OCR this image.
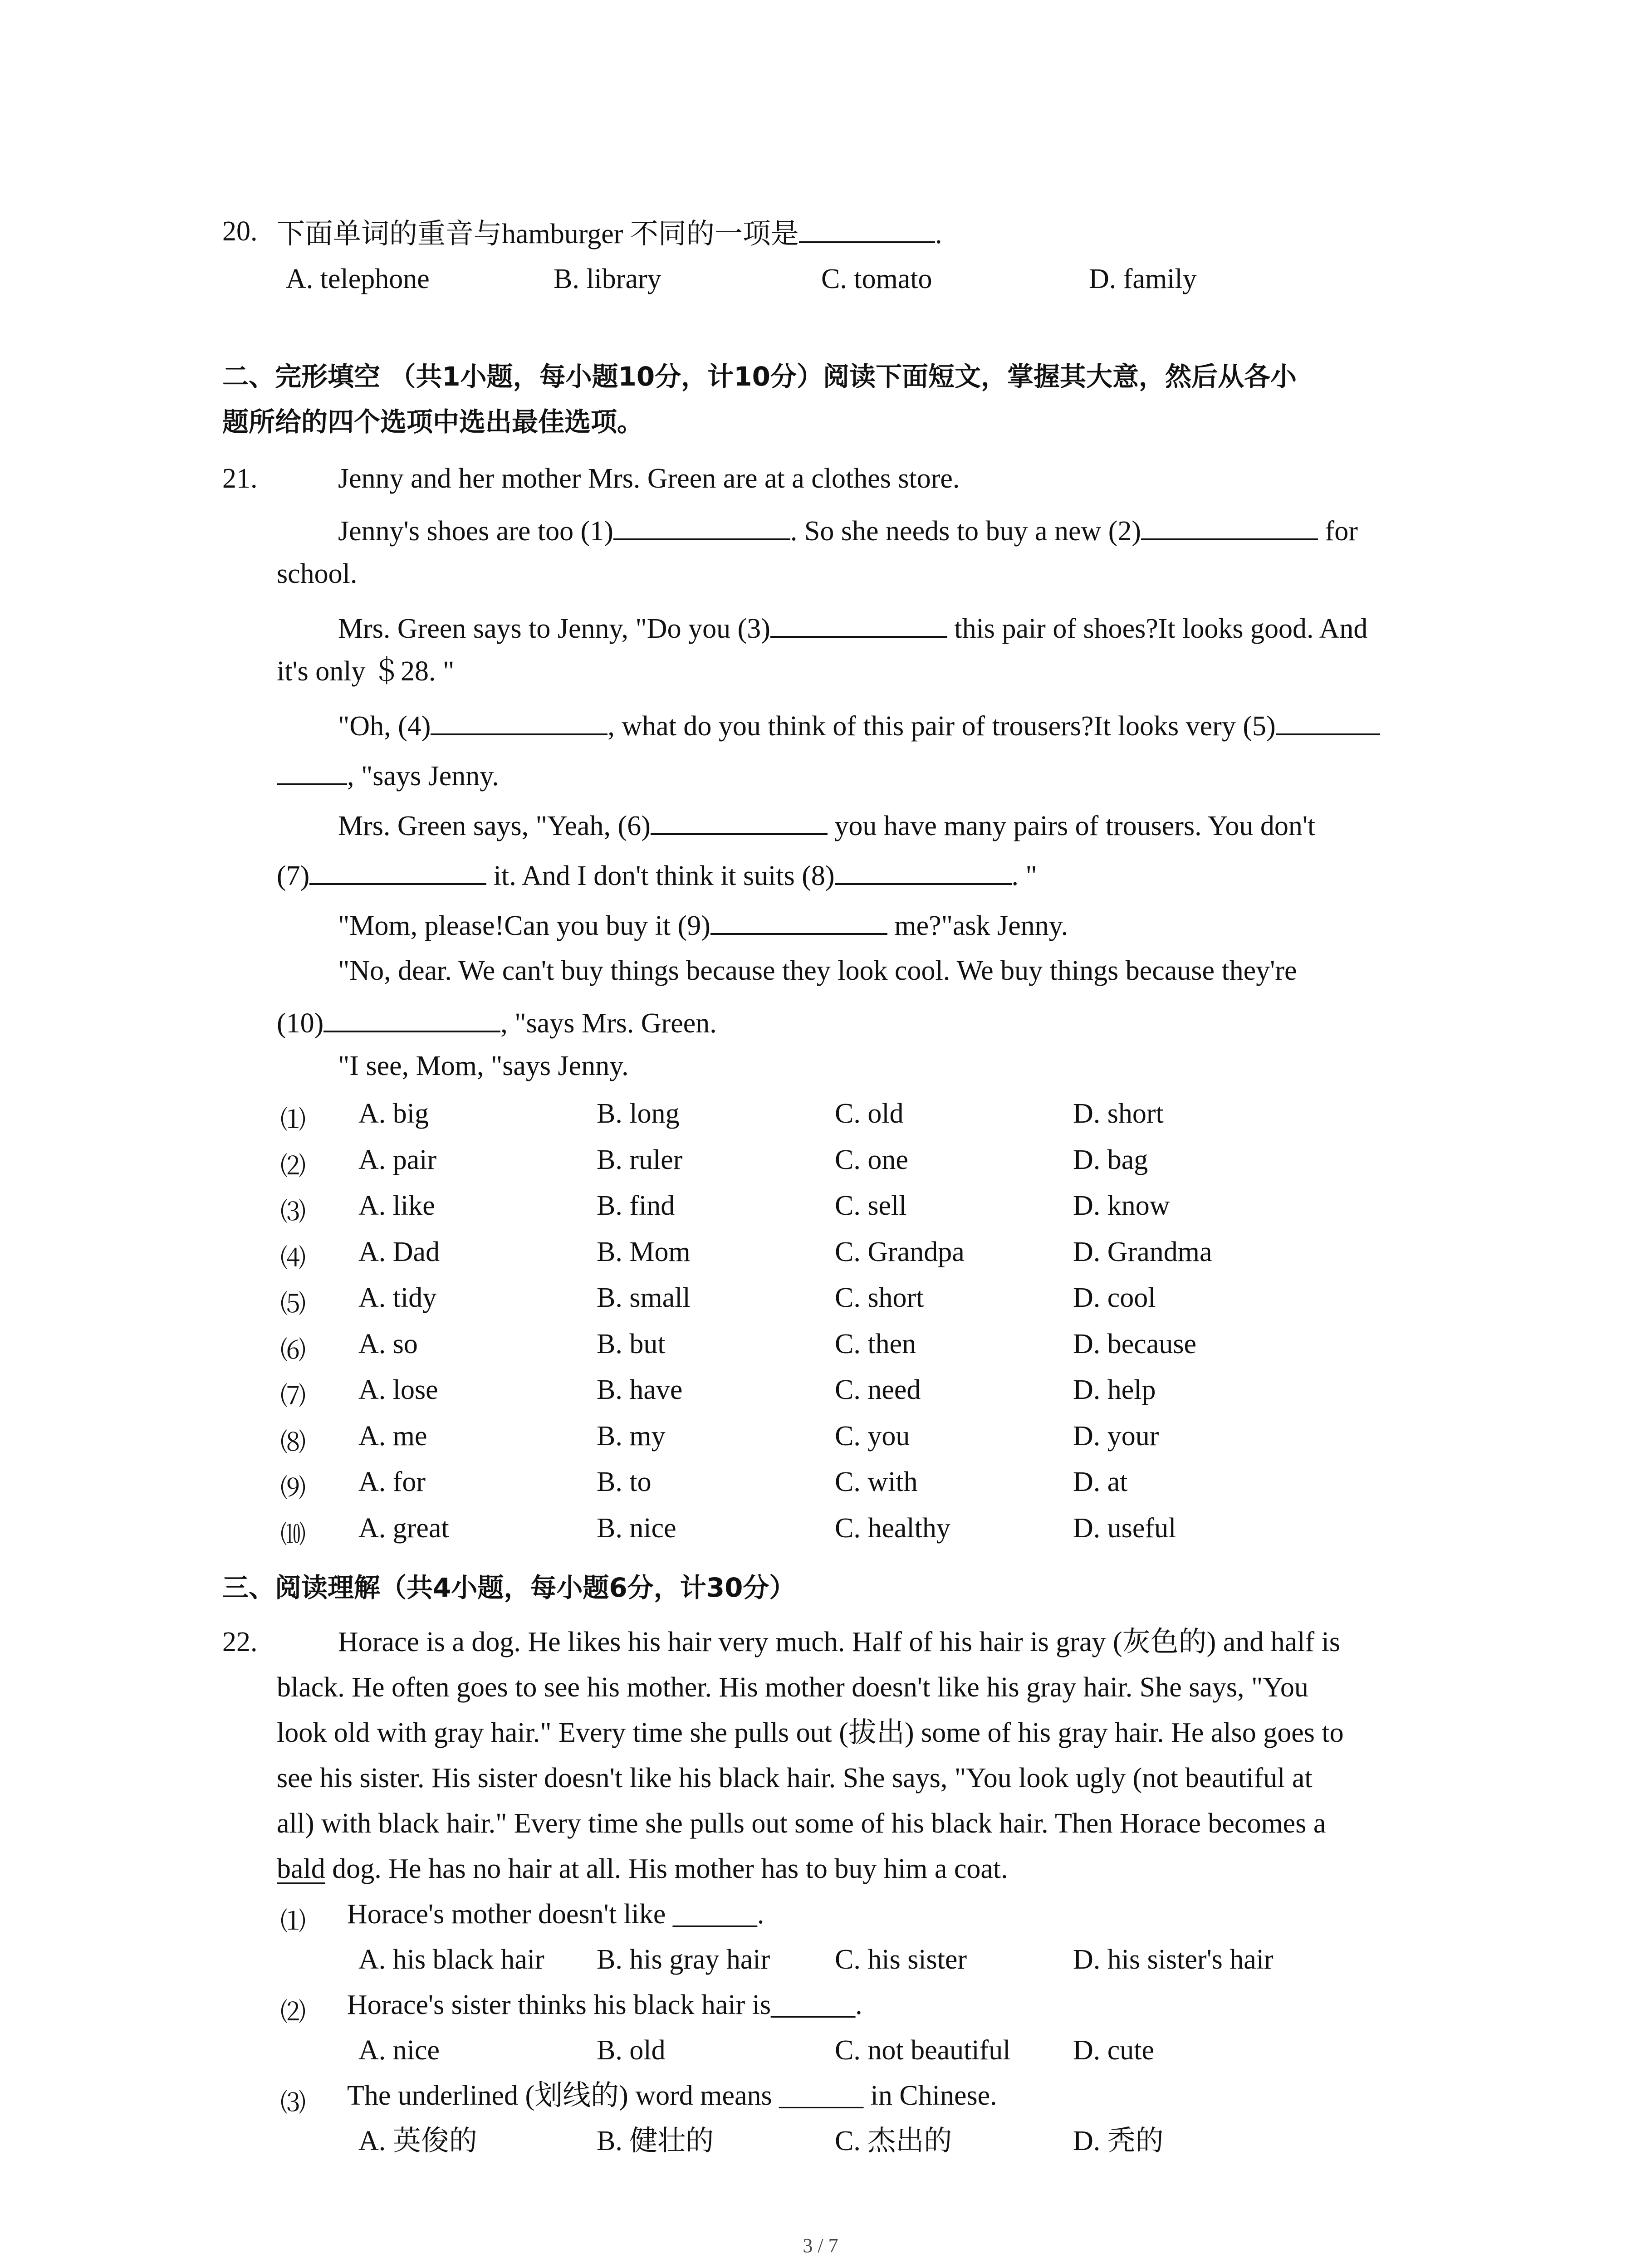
20. 下面单词的重音与hamburger 不同的一项是	.
A. telephone	B. library	C. tomato	D. family
二、完形填空 （共1小题，每小题10分，计10分）阅读下面短文，掌握其大意，然后从各小
题所给的四个选项中选出最佳选项。
21.	Jenny and her mother Mrs. Green are at a clothes store.
Jenny's shoes are too (1)	. So she needs to buy a new (2)	for
school.
Mrs. Green says to Jenny, "Do you (3)	this pair of shoes?It looks good. And
it's only ＄28. "
"Oh, (4)	, what do you think of this pair of trousers?It looks very (5)
, "says Jenny.
Mrs. Green says, "Yeah, (6)	you have many pairs of trousers. You don't
(7)	it. And I don't think it suits (8)	. "
"Mom, please!Can you buy it (9)	me?"ask Jenny.
"No, dear. We can't buy things because they look cool. We buy things because they're
(10)	, "says Mrs. Green.
"I see, Mom, "says Jenny.
⑴ A. big	B. long	C. old	D. short
⑵ A. pair	B. ruler	C. one	D. bag
⑶ A. like	B. find	C. sell	D. know
⑷ A. Dad	B. Mom	C. Grandpa	D. Grandma
⑸ A. tidy	B. small	C. short	D. cool
⑹ A. so	B. but	C. then	D. because
⑺ A. lose	B. have	C. need	D. help
⑻ A. me	B. my	C. you	D. your
⑼ A. for	B. to	C. with	D. at
⑽ A. great	B. nice	C. healthy	D. useful
三、阅读理解（共4小题，每小题6分，计30分）
22.	Horace is a dog. He likes his hair very much. Half of his hair is gray (灰色的) and half is
black. He often goes to see his mother. His mother doesn't like his gray hair. She says, "You
look old with gray hair." Every time she pulls out (拔出) some of his gray hair. He also goes to
see his sister. His sister doesn't like his black hair. She says, "You look ugly (not beautiful at
all) with black hair." Every time she pulls out some of his black hair. Then Horace becomes a
bald dog. He has no hair at all. His mother has to buy him a coat.
⑴ Horace's mother doesn't like ______.
A. his black hair B. his gray hair C. his sister	D. his sister's hair
⑵ Horace's sister thinks his black hair is______.
A. nice	B. old	C. not beautiful D. cute
⑶ The underlined (划线的) word means ______ in Chinese.
A. 英俊的	B. 健壮的	C. 杰出的	D. 秃的
3 / 7
